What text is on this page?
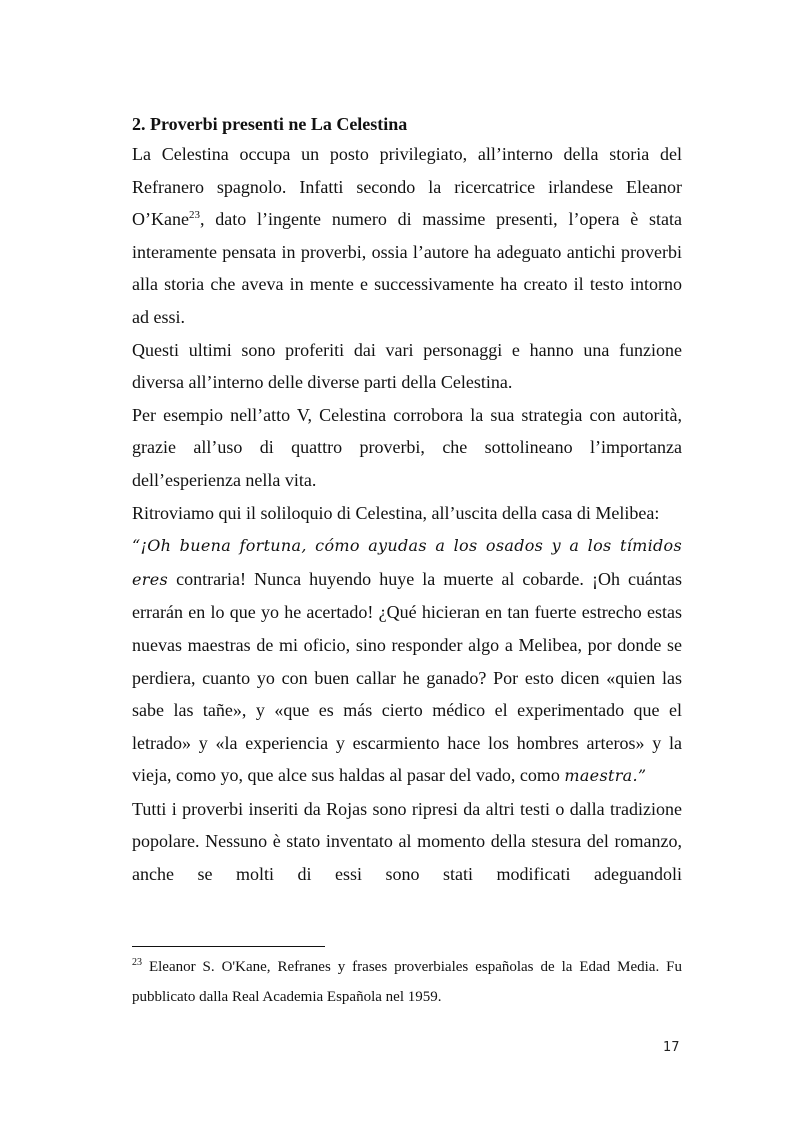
2. Proverbi presenti ne La Celestina

La Celestina occupa un posto privilegiato, all’interno della storia del Refranero spagnolo. Infatti secondo la ricercatrice irlandese Eleanor O’Kane$^{23}$, dato l’ingente numero di massime presenti, l’opera è stata interamente pensata in proverbi, ossia l’autore ha adeguato antichi proverbi alla storia che aveva in mente e successivamente ha creato il testo intorno ad essi.

Questi ultimi sono proferiti dai vari personaggi e hanno una funzione diversa all’interno delle diverse parti della Celestina.

Per esempio nell’atto V, Celestina corrobora la sua strategia con autorità, grazie all’uso di quattro proverbi, che sottolineano l’importanza dell’esperienza nella vita.

Ritroviamo qui il soliloquio di Celestina, all’uscita della casa di Melibea:

“¡Oh buena fortuna, cómo ayudas a los osados y a los tímidos eres contraria! Nunca huyendo huye la muerte al cobarde. ¡Oh cuántas errarán en lo que yo he acertado! ¿Qué hicieran en tan fuerte estrecho estas nuevas maestras de mi oficio, sino responder algo a Melibea, por donde se perdiera, cuanto yo con buen callar he ganado? Por esto dicen «quien las sabe las tañe», y «que es más cierto médico el experimentado que el letrado» y «la experiencia y escarmiento hace los hombres arteros» y la vieja, como yo, que alce sus haldas al pasar del vado, como maestra.”

Tutti i proverbi inseriti da Rojas sono ripresi da altri testi o dalla tradizione popolare. Nessuno è stato inventato al momento della stesura del romanzo, anche se molti di essi sono stati modificati adeguandoli

$^{23}$ Eleanor S. O'Kane, Refranes y frases proverbiales españolas de la Edad Media. Fu pubblicato dalla Real Academia Española nel 1959.
17
